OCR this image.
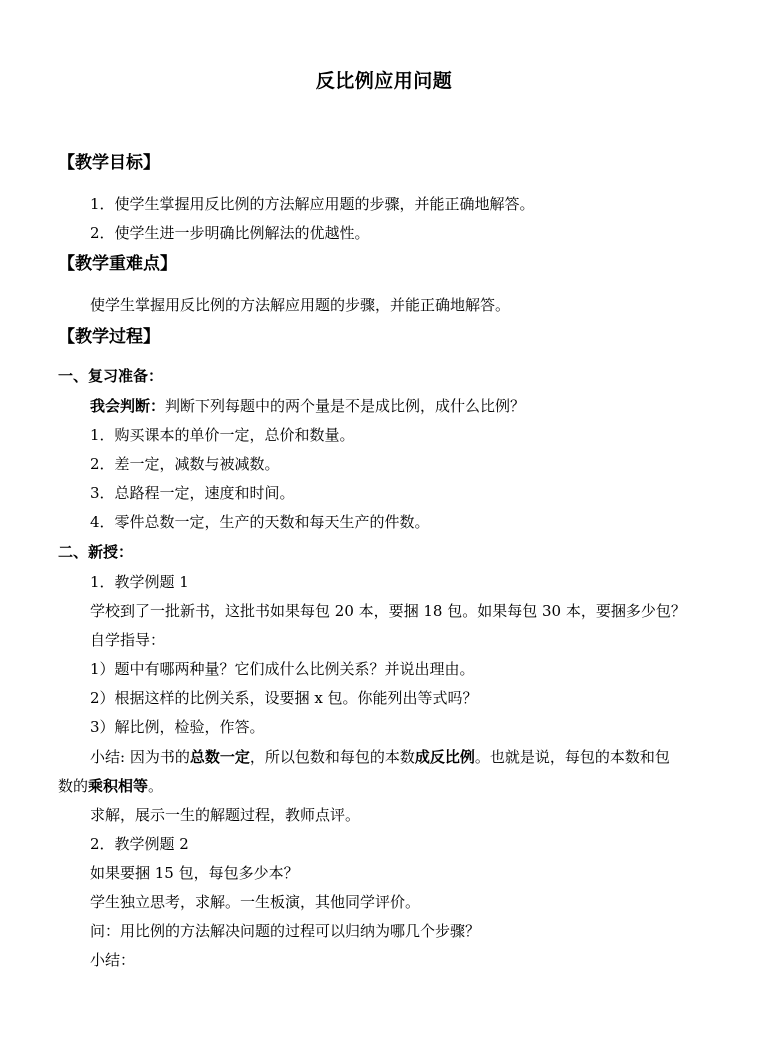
反比例应用问题
【教学目标】
1．使学生掌握用反比例的方法解应用题的步骤，并能正确地解答。
2．使学生进一步明确比例解法的优越性。
【教学重难点】
使学生掌握用反比例的方法解应用题的步骤，并能正确地解答。
【教学过程】
一、复习准备：
我会判断：判断下列每题中的两个量是不是成比例，成什么比例？
1．购买课本的单价一定，总价和数量。
2．差一定，减数与被减数。
3．总路程一定，速度和时间。
4．零件总数一定，生产的天数和每天生产的件数。
二、新授：
1．教学例题 1
学校到了一批新书，这批书如果每包 20 本，要捆 18 包。如果每包 30 本，要捆多少包？
自学指导：
1）题中有哪两种量？它们成什么比例关系？并说出理由。
2）根据这样的比例关系，设要捆 x 包。你能列出等式吗？
3）解比例，检验，作答。
小结: 因为书的总数一定，所以包数和每包的本数成反比例。也就是说，每包的本数和包
数的乘积相等。
求解，展示一生的解题过程，教师点评。
2．教学例题 2
如果要捆 15 包，每包多少本？
学生独立思考，求解。一生板演，其他同学评价。
问：用比例的方法解决问题的过程可以归纳为哪几个步骤？
小结：
